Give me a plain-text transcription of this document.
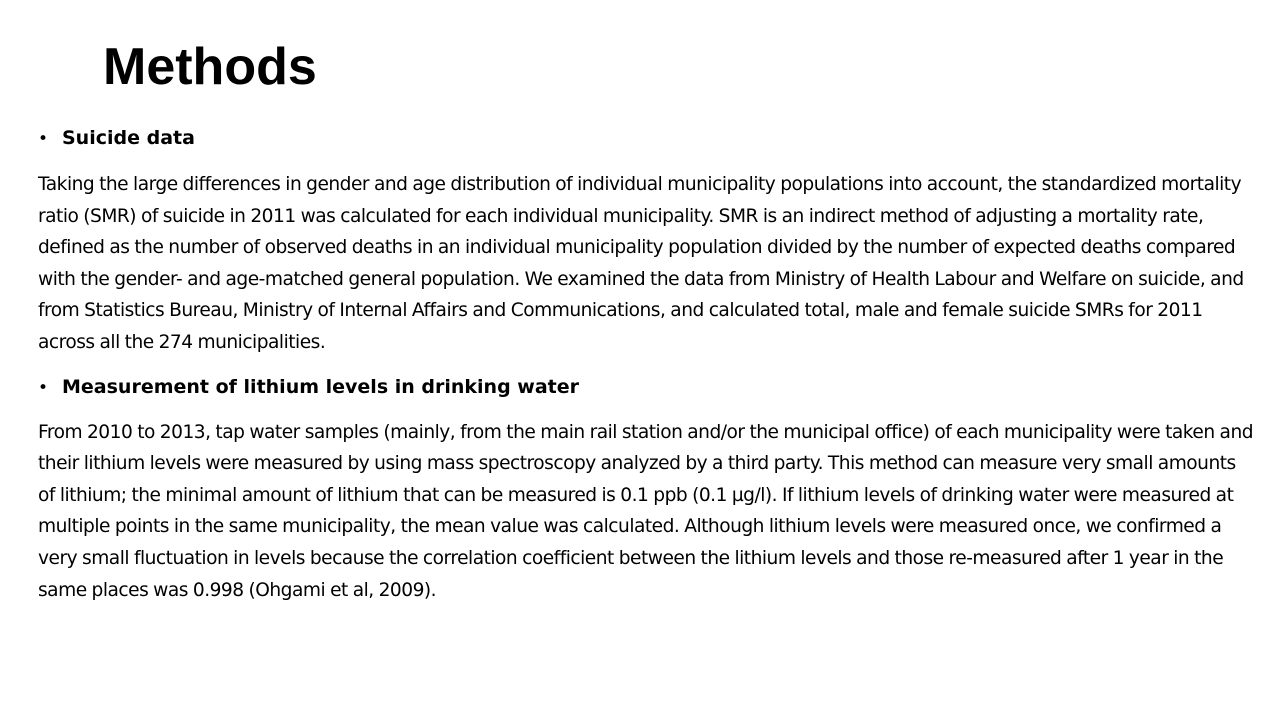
Methods
• Suicide data

Taking the large differences in gender and age distribution of individual municipality populations into account, the standardized mortality ratio (SMR) of suicide in 2011 was calculated for each individual municipality. SMR is an indirect method of adjusting a mortality rate, defined as the number of observed deaths in an individual municipality population divided by the number of expected deaths compared with the gender- and age-matched general population. We examined the data from Ministry of Health Labour and Welfare on suicide, and from Statistics Bureau, Ministry of Internal Affairs and Communications, and calculated total, male and female suicide SMRs for 2011 across all the 274 municipalities.

• Measurement of lithium levels in drinking water

From 2010 to 2013, tap water samples (mainly, from the main rail station and/or the municipal office) of each municipality were taken and their lithium levels were measured by using mass spectroscopy analyzed by a third party. This method can measure very small amounts of lithium; the minimal amount of lithium that can be measured is 0.1 ppb (0.1 µg/l). If lithium levels of drinking water were measured at multiple points in the same municipality, the mean value was calculated. Although lithium levels were measured once, we confirmed a very small fluctuation in levels because the correlation coefficient between the lithium levels and those re-measured after 1 year in the same places was 0.998 (Ohgami et al, 2009).
